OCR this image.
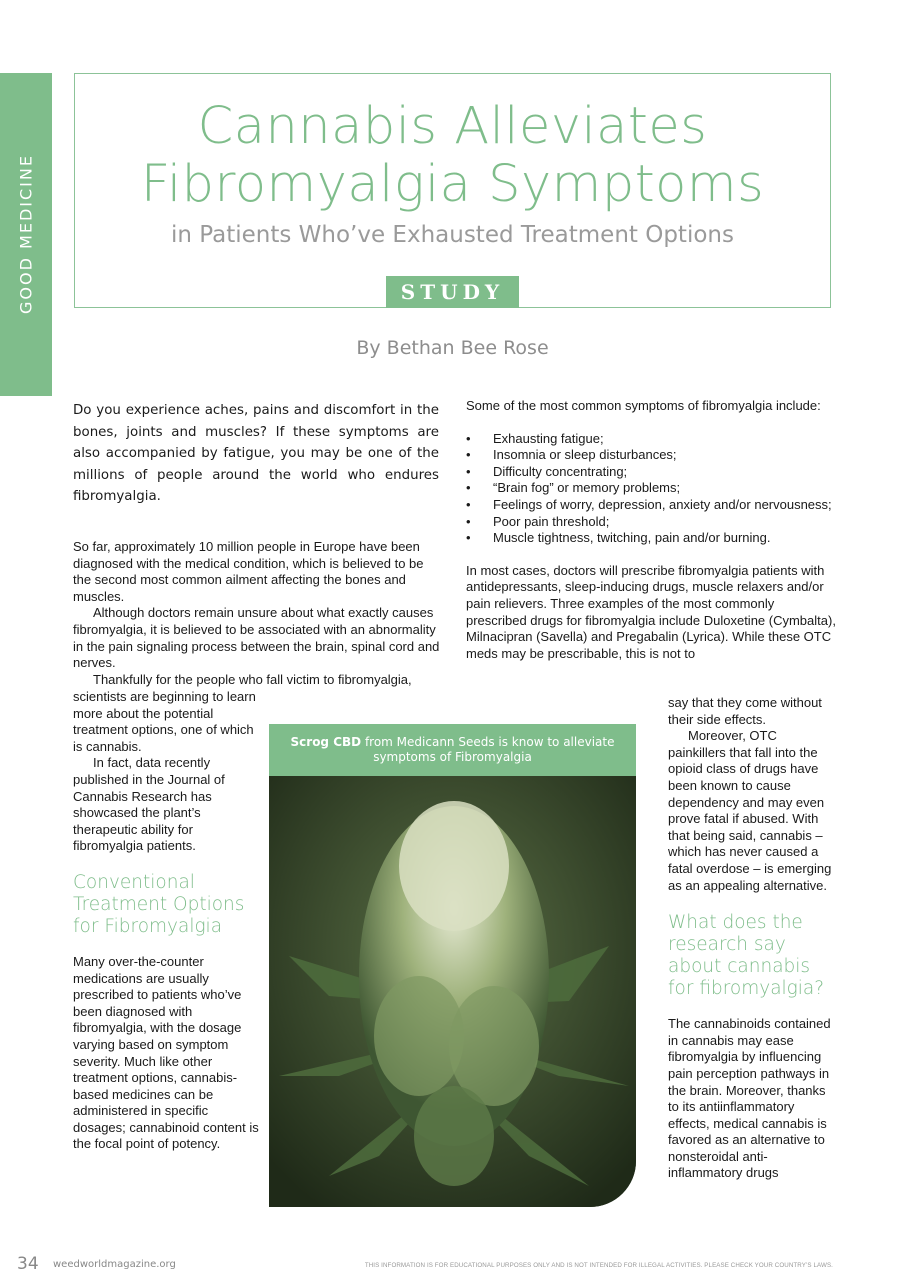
GOOD MEDICINE
Cannabis Alleviates
Fibromyalgia Symptoms
in Patients Who’ve Exhausted Treatment Options
STUDY
By Bethan Bee Rose

Do you experience aches, pains and discomfort in the bones, joints and muscles? If these symptoms are also accompanied by fatigue, you may be one of the millions of people around the world who endures fibromyalgia.

So far, approximately 10 million people in Europe have been diagnosed with the medical condition, which is believed to be the second most common ailment affecting the bones and muscles.

Although doctors remain unsure about what exactly causes fibromyalgia, it is believed to be associated with an abnormality in the pain signaling process between the brain, spinal cord and nerves.

Thankfully for the people who fall victim to fibromyalgia,

scientists are beginning to learn more about the potential treatment options, one of which is cannabis.

In fact, data recently published in the Journal of Cannabis Research has showcased the plant’s therapeutic ability for fibromyalgia patients.

Conventional Treatment Options for Fibromyalgia

Many over-the-counter medications are usually prescribed to patients who’ve been diagnosed with fibromyalgia, with the dosage varying based on symptom severity. Much like other treatment options, cannabis-based medicines can be administered in specific dosages; cannabinoid content is the focal point of potency.

Some of the most common symptoms of fibromyalgia include:

• Exhausting fatigue;
• Insomnia or sleep disturbances;
• Difficulty concentrating;
• “Brain fog” or memory problems;
• Feelings of worry, depression, anxiety and/or nervousness;
• Poor pain threshold;
• Muscle tightness, twitching, pain and/or burning.

In most cases, doctors will prescribe fibromyalgia patients with antidepressants, sleep-inducing drugs, muscle relaxers and/or pain relievers. Three examples of the most commonly prescribed drugs for fibromyalgia include Duloxetine (Cymbalta), Milnacipran (Savella) and Pregabalin (Lyrica). While these OTC meds may be prescribable, this is not to

say that they come without their side effects.

Moreover, OTC painkillers that fall into the opioid class of drugs have been known to cause dependency and may even prove fatal if abused. With that being said, cannabis – which has never caused a fatal overdose – is emerging as an appealing alternative.

What does the research say about cannabis for fibromyalgia?

The cannabinoids contained in cannabis may ease fibromyalgia by influencing pain perception pathways in the brain. Moreover, thanks to its antiinflammatory effects, medical cannabis is favored as an alternative to nonsteroidal anti-inflammatory drugs

Scrog CBD from Medicann Seeds is know to alleviate symptoms of Fibromyalgia
34 weedworldmagazine.org	THIS INFORMATION IS FOR EDUCATIONAL PURPOSES ONLY AND IS NOT INTENDED FOR ILLEGAL ACTIVITIES. PLEASE CHECK YOUR COUNTRY’S LAWS.
